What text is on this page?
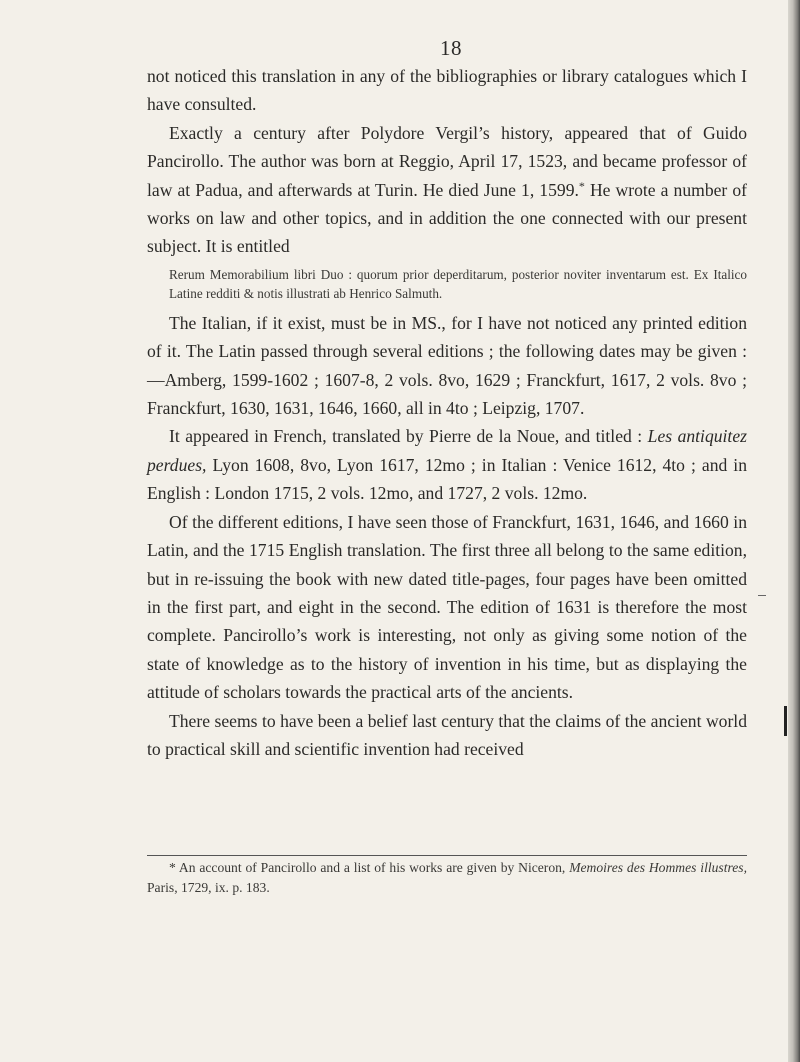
18

not noticed this translation in any of the bibliographies or library catalogues which I have consulted.

Exactly a century after Polydore Vergil’s history, appeared that of Guido Pancirollo. The author was born at Reggio, April 17, 1523, and became professor of law at Padua, and afterwards at Turin. He died June 1, 1599.* He wrote a number of works on law and other topics, and in addition the one connected with our present subject. It is entitled

Rerum Memorabilium libri Duo : quorum prior deperditarum, posterior noviter inventarum est. Ex Italico Latine redditi & notis illustrati ab Henrico Salmuth.

The Italian, if it exist, must be in MS., for I have not noticed any printed edition of it. The Latin passed through several editions ; the following dates may be given :—Amberg, 1599-1602 ; 1607-8, 2 vols. 8vo, 1629 ; Franckfurt, 1617, 2 vols. 8vo ; Franckfurt, 1630, 1631, 1646, 1660, all in 4to ; Leipzig, 1707.

It appeared in French, translated by Pierre de la Noue, and titled : Les antiquitez perdues, Lyon 1608, 8vo, Lyon 1617, 12mo ; in Italian : Venice 1612, 4to ; and in English : London 1715, 2 vols. 12mo, and 1727, 2 vols. 12mo.

Of the different editions, I have seen those of Franckfurt, 1631, 1646, and 1660 in Latin, and the 1715 English translation. The first three all belong to the same edition, but in re-issuing the book with new dated title-pages, four pages have been omitted in the first part, and eight in the second. The edition of 1631 is therefore the most complete. Pancirollo’s work is interesting, not only as giving some notion of the state of knowledge as to the history of invention in his time, but as displaying the attitude of scholars towards the practical arts of the ancients.

There seems to have been a belief last century that the claims of the ancient world to practical skill and scientific invention had received

* An account of Pancirollo and a list of his works are given by Niceron, Memoires des Hommes illustres, Paris, 1729, ix. p. 183.
